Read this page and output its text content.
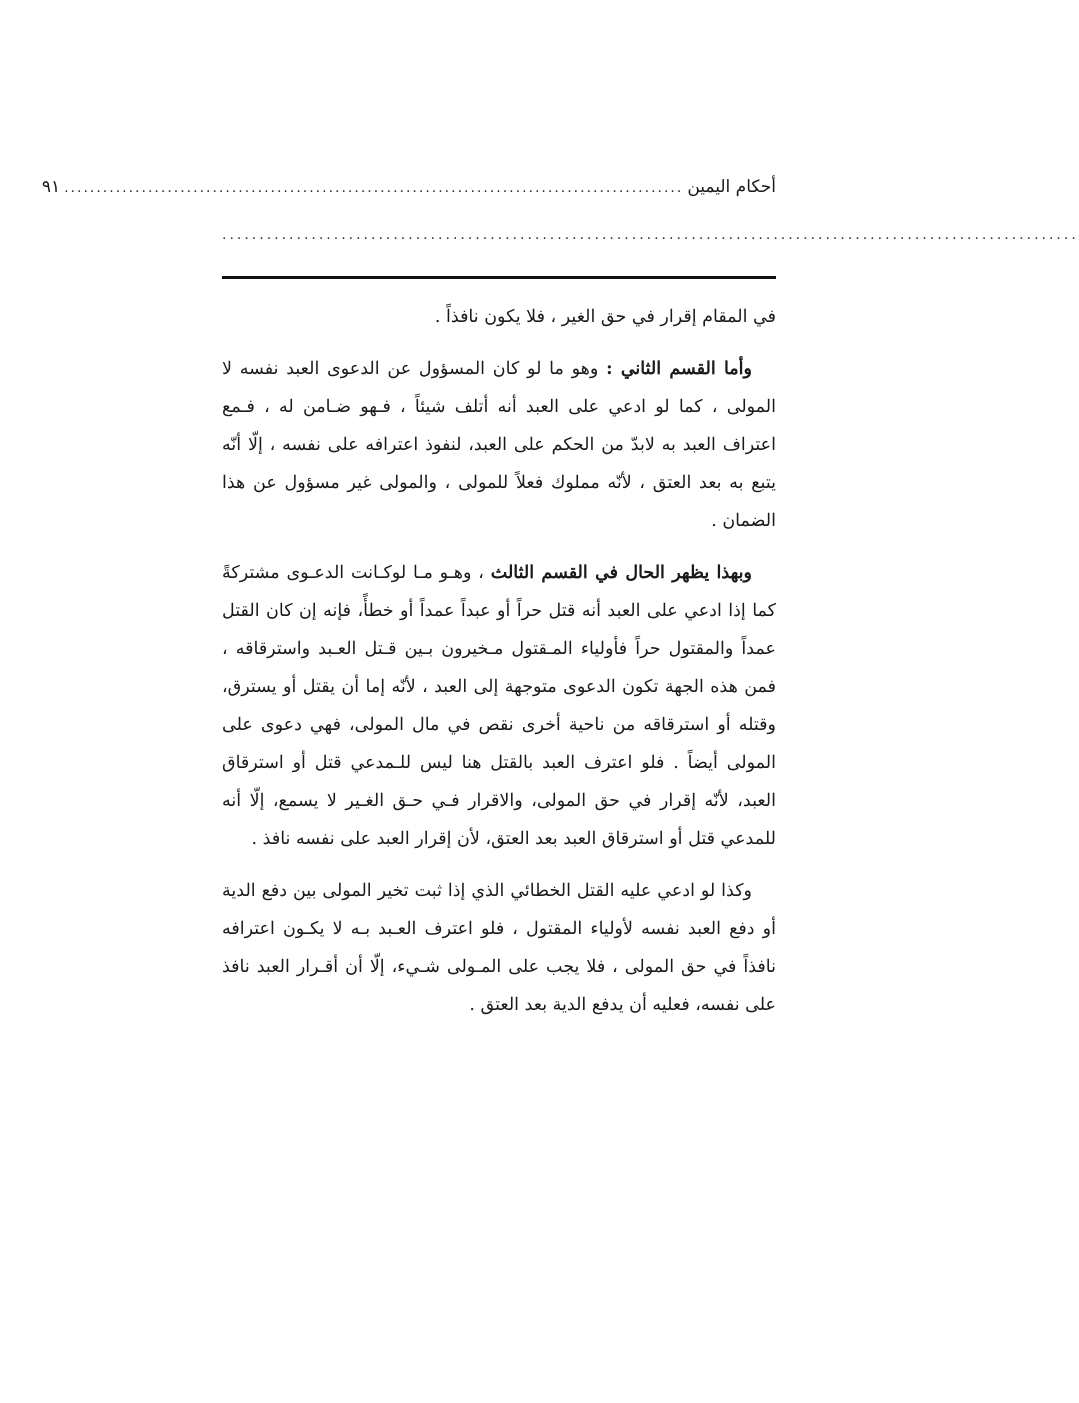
أحكام اليمين
................................................................................................
٩١
...................................................................................................................

في المقام إقرار في حق الغير ، فلا يكون نافذاً .

وأما القسم الثاني : وهو ما لو كان المسؤول عن الدعوى العبد نفسه لا المولى ، كما لو ادعي على العبد أنه أتلف شيئاً ، فـهو ضـامن له ، فـمع اعتراف العبد به لابدّ من الحكم على العبد، لنفوذ اعترافه على نفسه ، إلّا أنّه يتبع به بعد العتق ، لأنّه مملوك فعلاً للمولى ، والمولى غير مسؤول عن هذا الضمان .

وبهذا يظهر الحال في القسم الثالث ، وهـو مـا لوكـانت الدعـوى مشتركةً كما إذا ادعي على العبد أنه قتل حراً أو عبداً عمداً أو خطأً، فإنه إن كان القتل عمداً والمقتول حراً فأولياء المـقتول مـخيرون بـين قـتل العـبد واسترقاقه ، فمن هذه الجهة تكون الدعوى متوجهة إلى العبد ، لأنّه إما أن يقتل أو يسترق، وقتله أو استرقاقه من ناحية أخرى نقص في مال المولى، فهي دعوى على المولى أيضاً . فلو اعترف العبد بالقتل هنا ليس للـمدعي قتل أو استرقاق العبد، لأنّه إقرار في حق المولى، والاقرار فـي حـق الغـير لا يسمع، إلّا أنه للمدعي قتل أو استرقاق العبد بعد العتق، لأن إقرار العبد على نفسه نافذ .

وكذا لو ادعي عليه القتل الخطائي الذي إذا ثبت تخير المولى بين دفع الدية أو دفع العبد نفسه لأولياء المقتول ، فلو اعترف العـبد بـه لا يكـون اعترافه نافذاً في حق المولى ، فلا يجب على المـولى شـيء، إلّا أن أقـرار العبد نافذ على نفسه، فعليه أن يدفع الدية بعد العتق .
